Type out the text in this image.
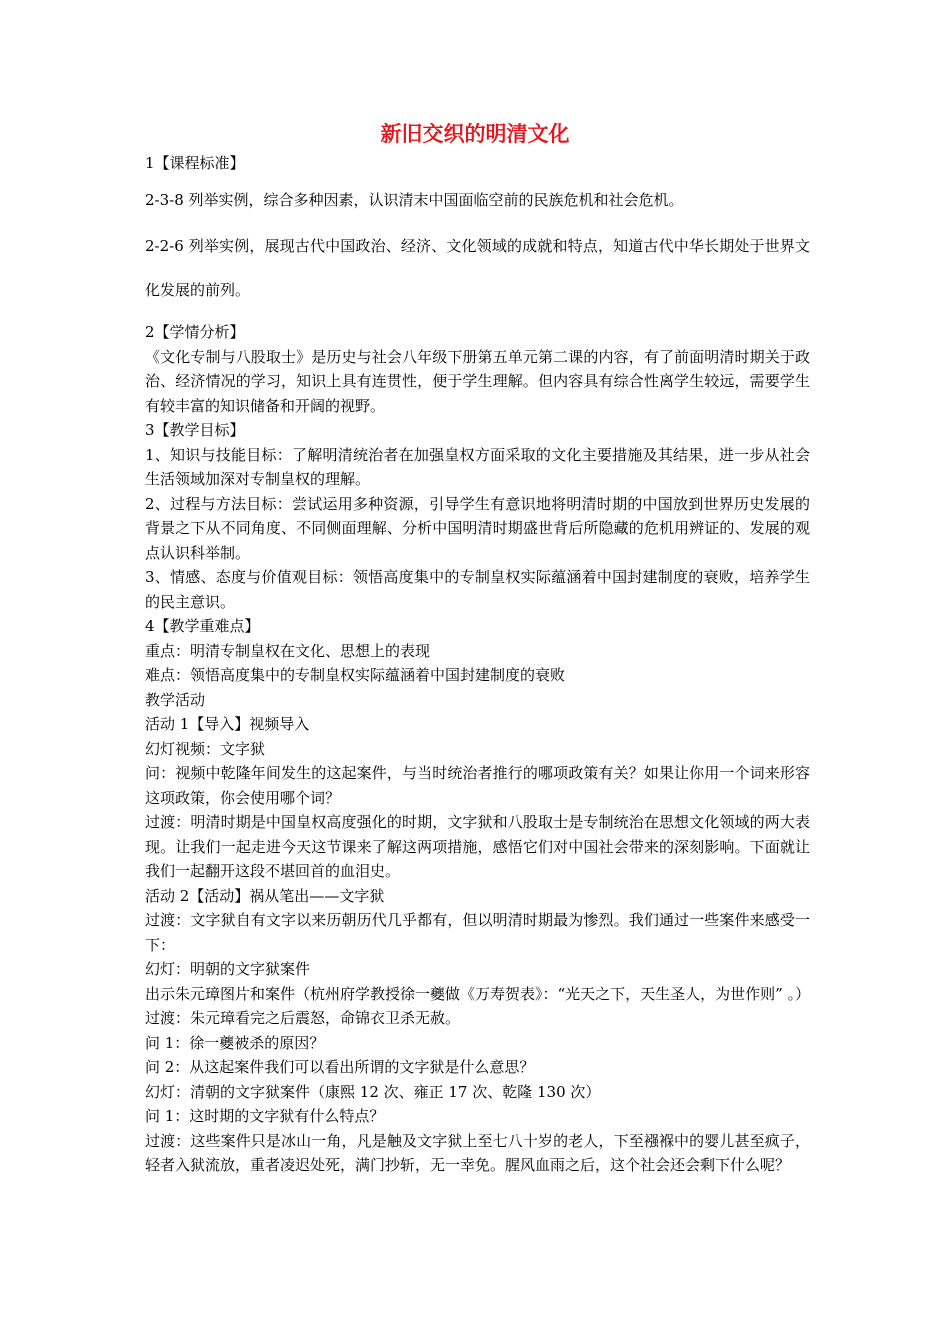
新旧交织的明清文化

1【课程标准】

2-3-8 列举实例，综合多种因素，认识清末中国面临空前的民族危机和社会危机。

2-2-6 列举实例，展现古代中国政治、经济、文化领域的成就和特点，知道古代中华长期处于世界文化发展的前列。

2【学情分析】

《文化专制与八股取士》是历史与社会八年级下册第五单元第二课的内容，有了前面明清时期关于政治、经济情况的学习，知识上具有连贯性，便于学生理解。但内容具有综合性离学生较远，需要学生有较丰富的知识储备和开阔的视野。

3【教学目标】

1、知识与技能目标：了解明清统治者在加强皇权方面采取的文化主要措施及其结果，进一步从社会生活领域加深对专制皇权的理解。

2、过程与方法目标：尝试运用多种资源，引导学生有意识地将明清时期的中国放到世界历史发展的背景之下从不同角度、不同侧面理解、分析中国明清时期盛世背后所隐藏的危机用辨证的、发展的观点认识科举制。

3、情感、态度与价值观目标：领悟高度集中的专制皇权实际蕴涵着中国封建制度的衰败，培养学生的民主意识。

4【教学重难点】

重点：明清专制皇权在文化、思想上的表现

难点：领悟高度集中的专制皇权实际蕴涵着中国封建制度的衰败

教学活动

活动 1【导入】视频导入

幻灯视频：文字狱

问：视频中乾隆年间发生的这起案件，与当时统治者推行的哪项政策有关？如果让你用一个词来形容这项政策，你会使用哪个词？

过渡：明清时期是中国皇权高度强化的时期，文字狱和八股取士是专制统治在思想文化领域的两大表现。让我们一起走进今天这节课来了解这两项措施，感悟它们对中国社会带来的深刻影响。下面就让我们一起翻开这段不堪回首的血泪史。

活动 2【活动】祸从笔出——文字狱

过渡：文字狱自有文字以来历朝历代几乎都有，但以明清时期最为惨烈。我们通过一些案件来感受一下：

幻灯：明朝的文字狱案件

出示朱元璋图片和案件（杭州府学教授徐一夔做《万寿贺表》：“光天之下，天生圣人，为世作则” 。）

过渡：朱元璋看完之后震怒，命锦衣卫杀无赦。

问 1：徐一夔被杀的原因？

问 2：从这起案件我们可以看出所谓的文字狱是什么意思？

幻灯：清朝的文字狱案件（康熙 12 次、雍正 17 次、乾隆 130 次）

问 1：这时期的文字狱有什么特点？

过渡：这些案件只是冰山一角，凡是触及文字狱上至七八十岁的老人，下至襁褓中的婴儿甚至疯子，轻者入狱流放，重者凌迟处死，满门抄斩，无一幸免。腥风血雨之后，这个社会还会剩下什么呢？
